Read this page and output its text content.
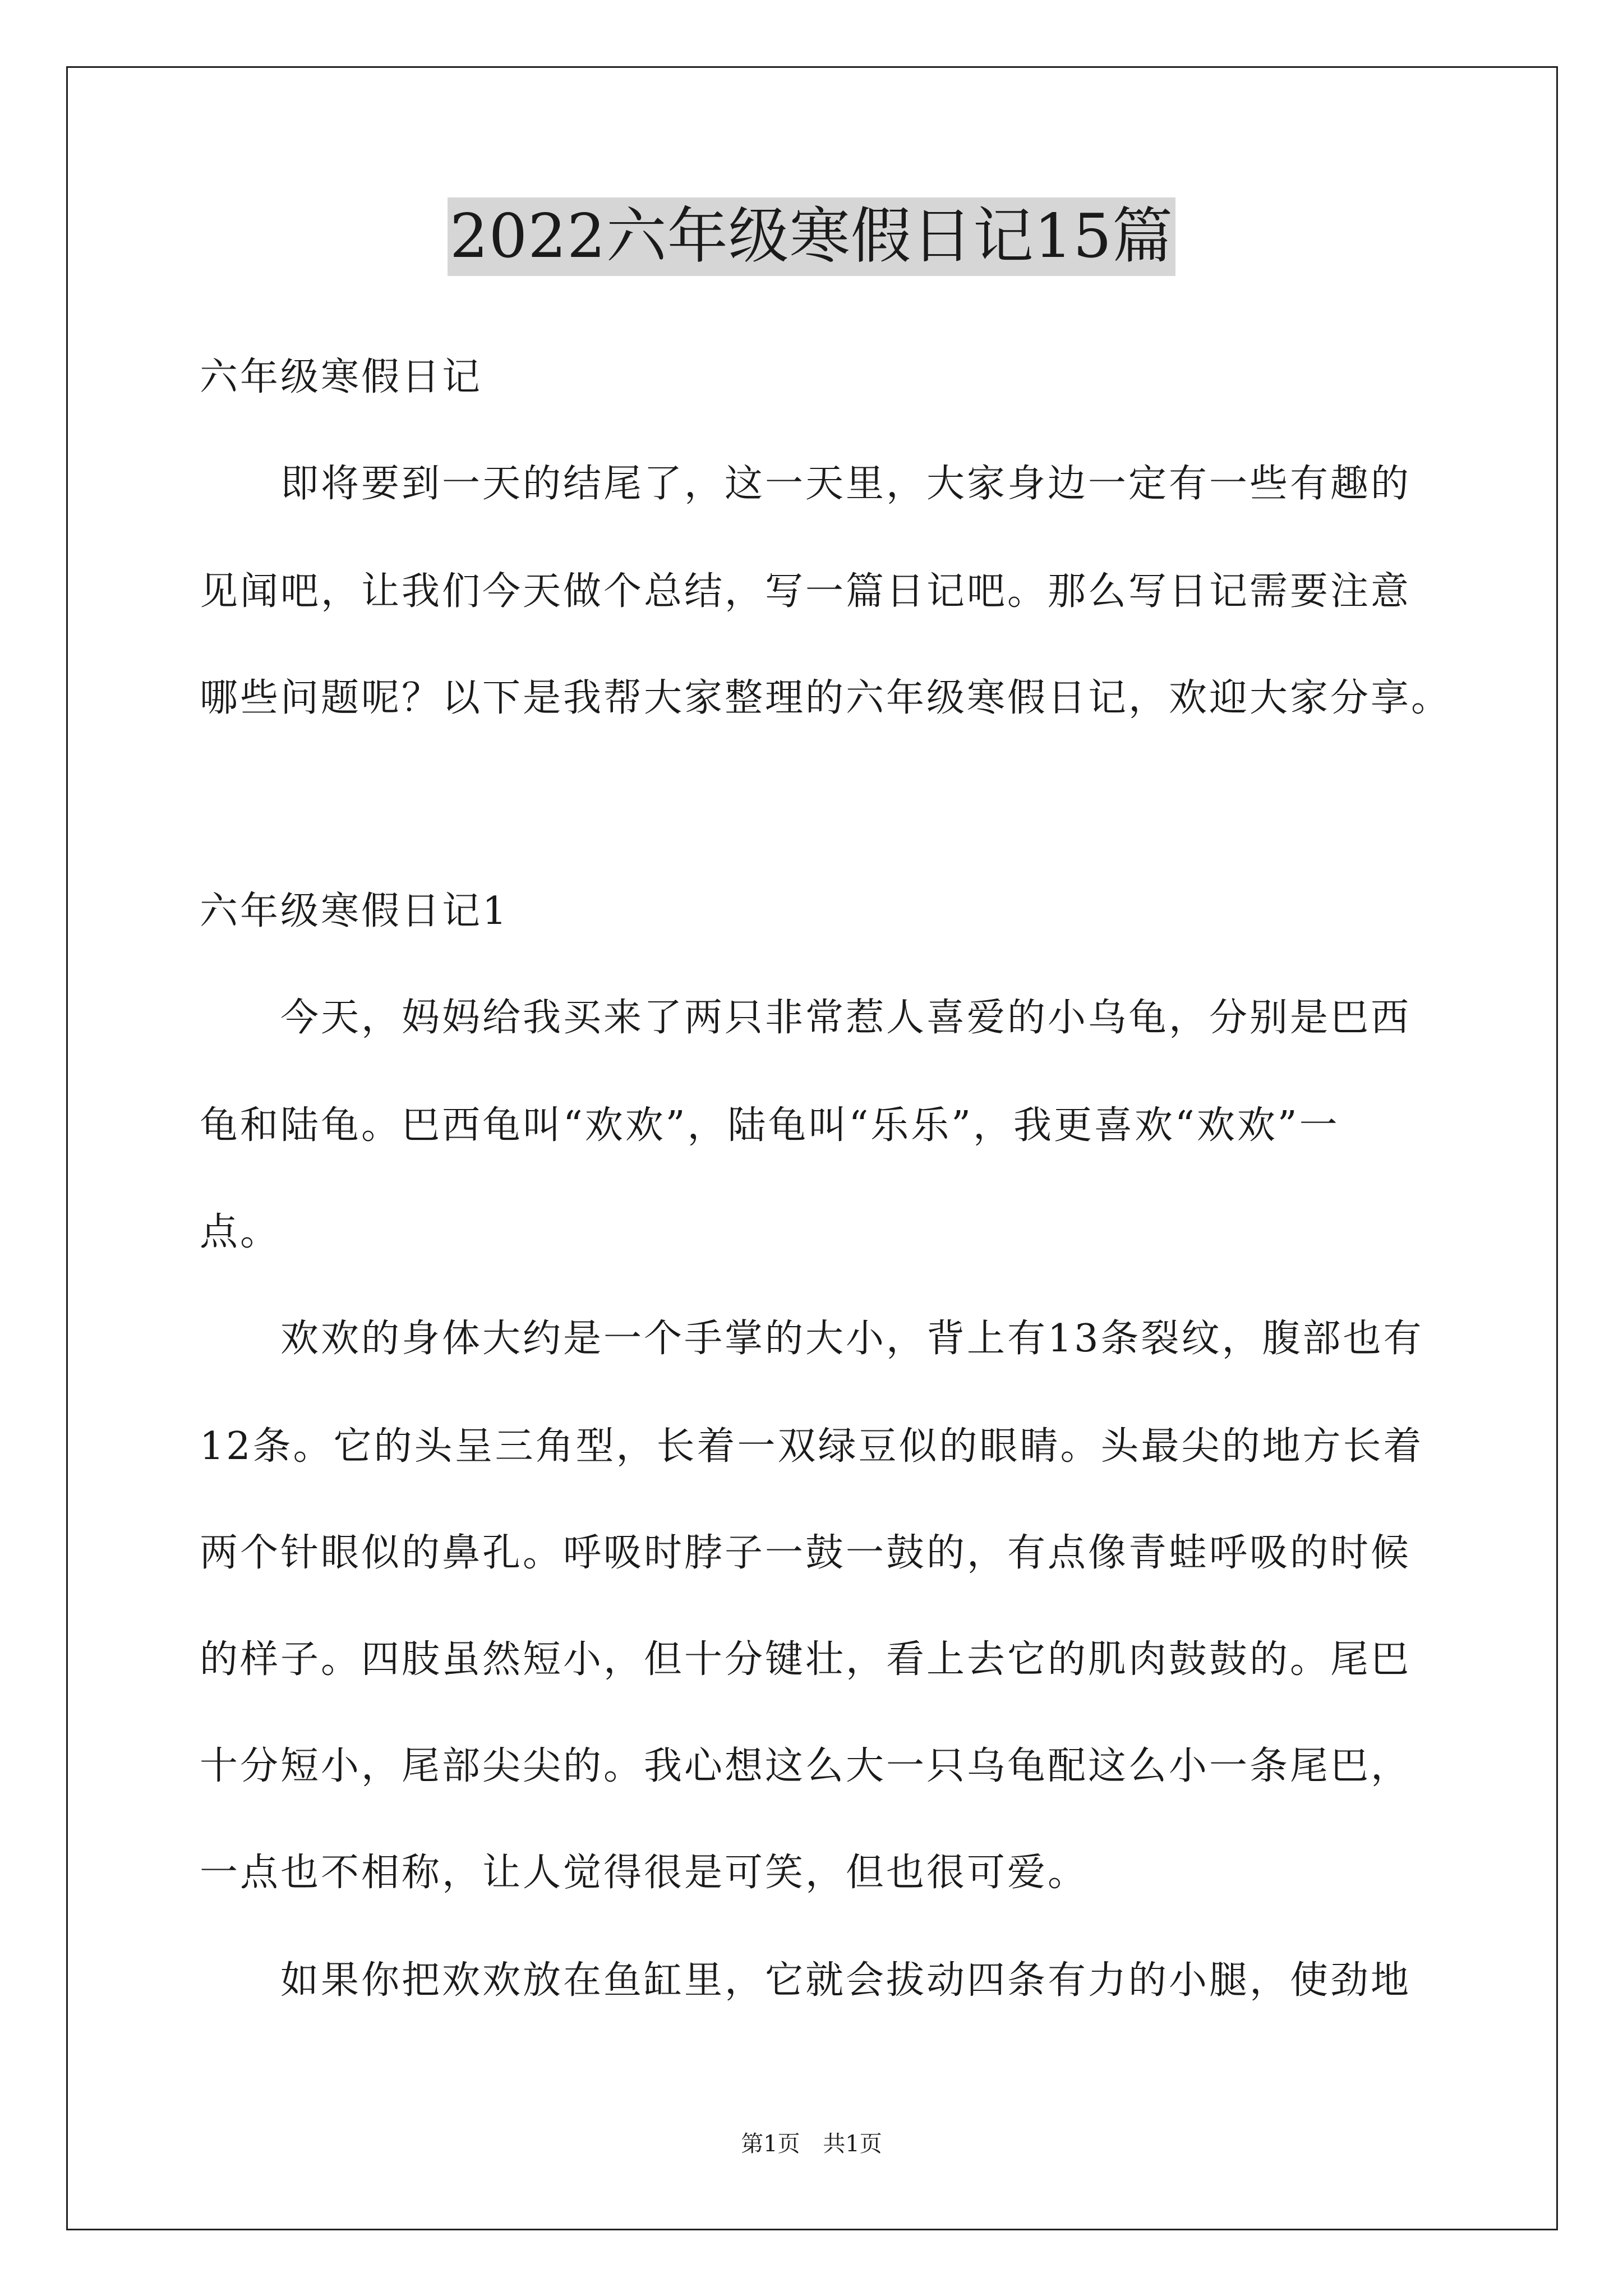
2022六年级寒假日记15篇
六年级寒假日记
即将要到一天的结尾了，这一天里，大家身边一定有一些有趣的
见闻吧，让我们今天做个总结，写一篇日记吧。那么写日记需要注意
哪些问题呢？以下是我帮大家整理的六年级寒假日记，欢迎大家分享。
六年级寒假日记1
今天，妈妈给我买来了两只非常惹人喜爱的小乌龟，分别是巴西
龟和陆龟。巴西龟叫“欢欢”，陆龟叫“乐乐”，我更喜欢“欢欢”一
点。
欢欢的身体大约是一个手掌的大小，背上有13条裂纹，腹部也有
12条。它的头呈三角型，长着一双绿豆似的眼睛。头最尖的地方长着
两个针眼似的鼻孔。呼吸时脖子一鼓一鼓的，有点像青蛙呼吸的时候
的样子。四肢虽然短小，但十分键壮，看上去它的肌肉鼓鼓的。尾巴
十分短小，尾部尖尖的。我心想这么大一只乌龟配这么小一条尾巴，
一点也不相称，让人觉得很是可笑，但也很可爱。
如果你把欢欢放在鱼缸里，它就会拔动四条有力的小腿，使劲地
第1页 共1页
